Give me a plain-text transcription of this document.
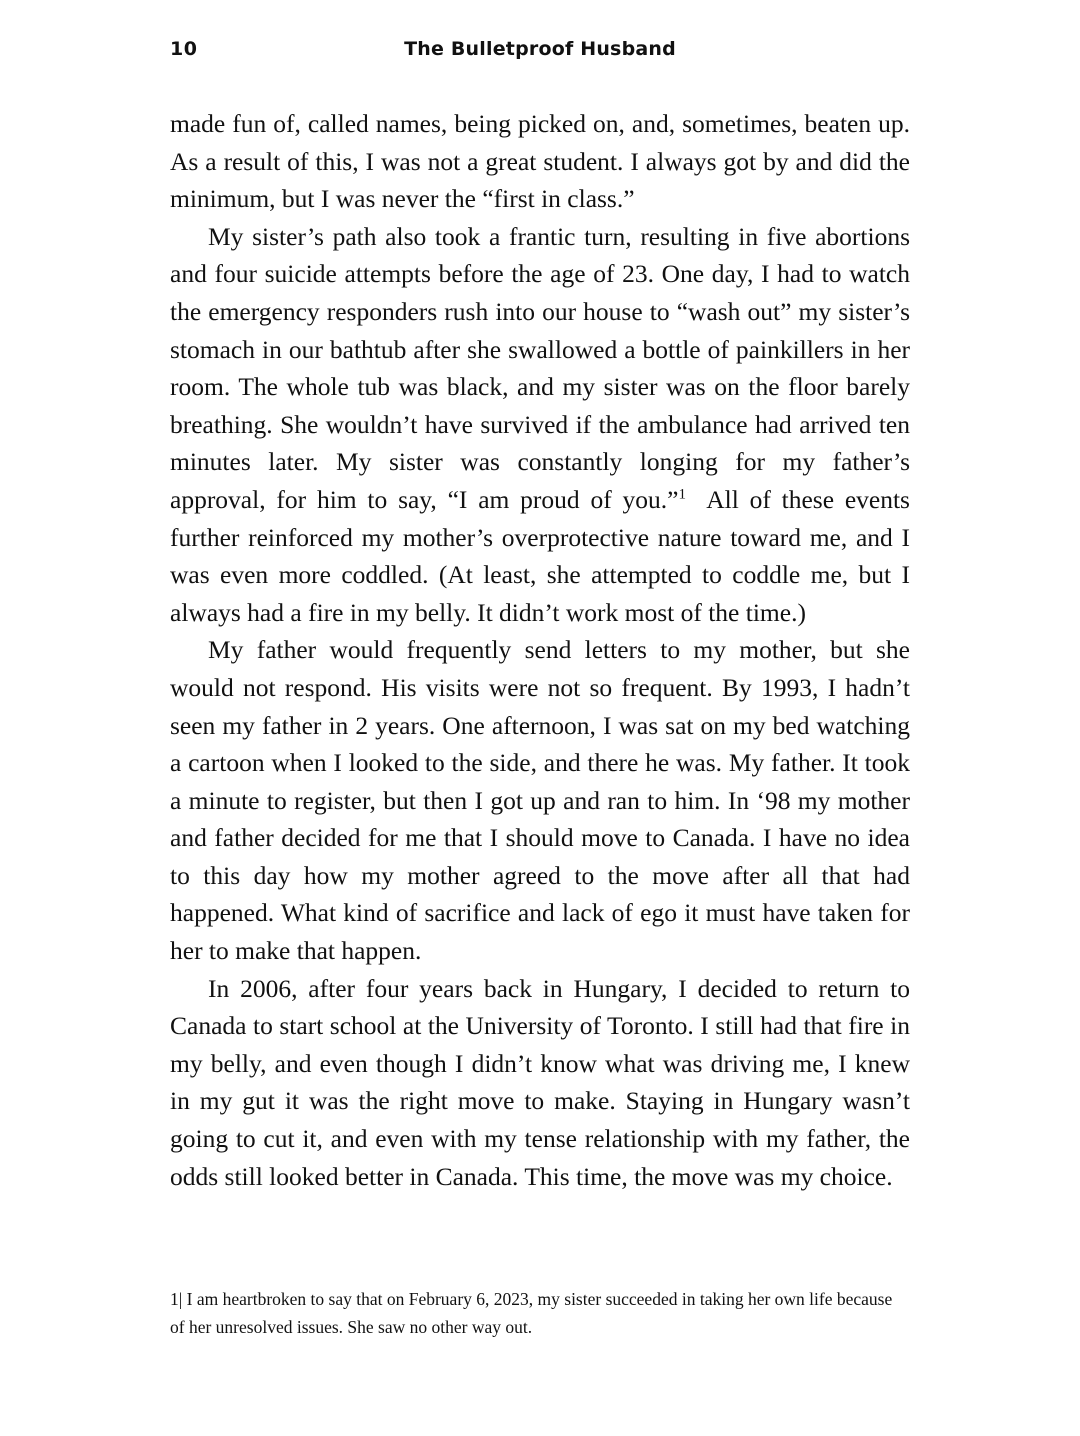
10	The Bulletproof Husband

made fun of, called names, being picked on, and, sometimes, beaten up. As a result of this, I was not a great student. I always got by and did the minimum, but I was never the “first in class.”

My sister’s path also took a frantic turn, resulting in five abortions and four suicide attempts before the age of 23. One day, I had to watch the emergency responders rush into our house to “wash out” my sister’s stomach in our bathtub after she swallowed a bottle of painkillers in her room. The whole tub was black, and my sister was on the floor barely breathing. She wouldn’t have survived if the ambulance had arrived ten minutes later. My sister was constantly longing for my father’s approval, for him to say, “I am proud of you.”$^1$ All of these events further reinforced my mother’s overprotective nature toward me, and I was even more coddled. (At least, she attempted to coddle me, but I always had a fire in my belly. It didn’t work most of the time.)

My father would frequently send letters to my mother, but she would not respond. His visits were not so frequent. By 1993, I hadn’t seen my father in 2 years. One afternoon, I was sat on my bed watching a cartoon when I looked to the side, and there he was. My father. It took a minute to register, but then I got up and ran to him. In ‘98 my mother and father decided for me that I should move to Canada. I have no idea to this day how my mother agreed to the move after all that had happened. What kind of sacrifice and lack of ego it must have taken for her to make that happen.

In 2006, after four years back in Hungary, I decided to return to Canada to start school at the University of Toronto. I still had that fire in my belly, and even though I didn’t know what was driving me, I knew in my gut it was the right move to make. Staying in Hungary wasn’t going to cut it, and even with my tense relationship with my father, the odds still looked better in Canada. This time, the move was my choice.

1| I am heartbroken to say that on February 6, 2023, my sister succeeded in taking her own life because of her unresolved issues. She saw no other way out.
